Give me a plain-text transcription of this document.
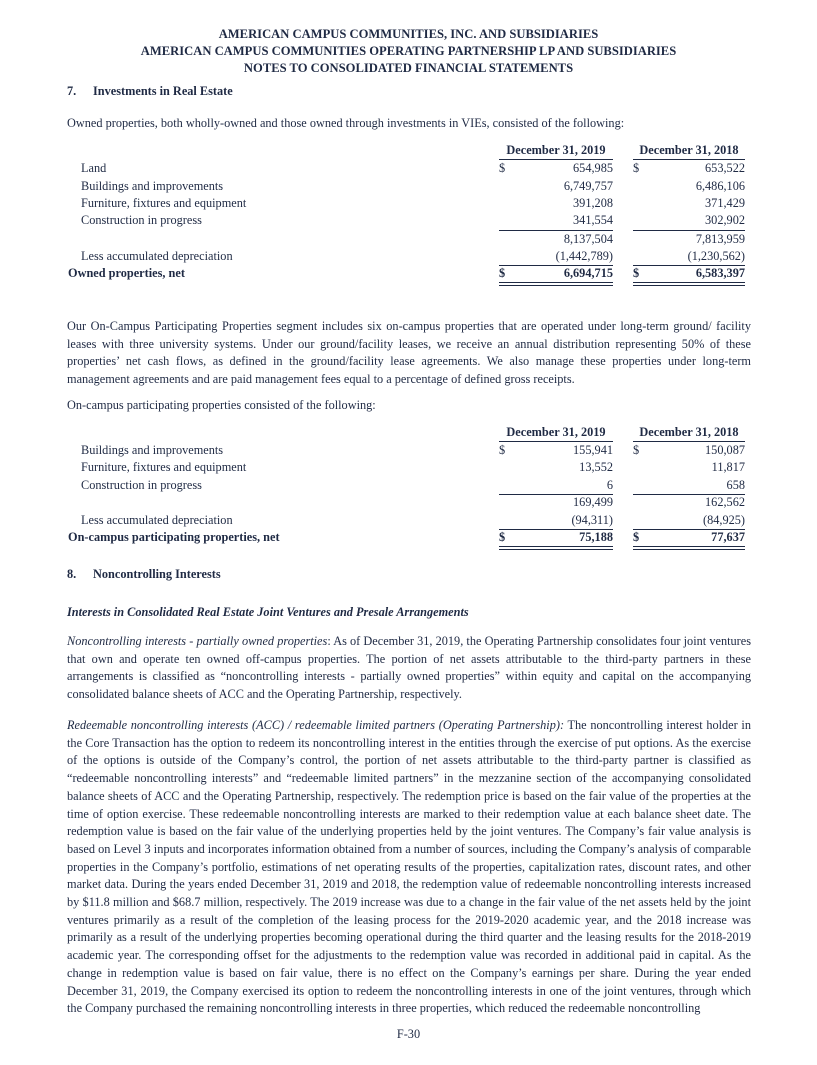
AMERICAN CAMPUS COMMUNITIES, INC. AND SUBSIDIARIES
AMERICAN CAMPUS COMMUNITIES OPERATING PARTNERSHIP LP AND SUBSIDIARIES
NOTES TO CONSOLIDATED FINANCIAL STATEMENTS
7. Investments in Real Estate

Owned properties, both wholly-owned and those owned through investments in VIEs, consisted of the following:

December 31, 2019	December 31, 2018
Land	$	654,985 $	653,522
Buildings and improvements	6,749,757	6,486,106
Furniture, fixtures and equipment	391,208	371,429
Construction in progress	341,554	302,902
8,137,504	7,813,959
Less accumulated depreciation	(1,442,789)	(1,230,562)
Owned properties, net	$	6,694,715 $	6,583,397

Our On-Campus Participating Properties segment includes six on-campus properties that are operated under long-term ground/ facility leases with three university systems. Under our ground/facility leases, we receive an annual distribution representing 50% of these properties’ net cash flows, as defined in the ground/facility lease agreements. We also manage these properties under long-term management agreements and are paid management fees equal to a percentage of defined gross receipts.

On-campus participating properties consisted of the following:

December 31, 2019	December 31, 2018
Buildings and improvements	$	155,941 $	150,087
Furniture, fixtures and equipment	13,552	11,817
Construction in progress	6	658
169,499	162,562
Less accumulated depreciation	(94,311)	(84,925)
On-campus participating properties, net	$	75,188 $	77,637
8. Noncontrolling Interests
Interests in Consolidated Real Estate Joint Ventures and Presale Arrangements

Noncontrolling interests - partially owned properties: As of December 31, 2019, the Operating Partnership consolidates four joint ventures that own and operate ten owned off-campus properties. The portion of net assets attributable to the third-party partners in these arrangements is classified as “noncontrolling interests - partially owned properties” within equity and capital on the accompanying consolidated balance sheets of ACC and the Operating Partnership, respectively.

Redeemable noncontrolling interests (ACC) / redeemable limited partners (Operating Partnership): The noncontrolling interest holder in the Core Transaction has the option to redeem its noncontrolling interest in the entities through the exercise of put options. As the exercise of the options is outside of the Company’s control, the portion of net assets attributable to the third-party partner is classified as “redeemable noncontrolling interests” and “redeemable limited partners” in the mezzanine section of the accompanying consolidated balance sheets of ACC and the Operating Partnership, respectively. The redemption price is based on the fair value of the properties at the time of option exercise. These redeemable noncontrolling interests are marked to their redemption value at each balance sheet date. The redemption value is based on the fair value of the underlying properties held by the joint ventures. The Company’s fair value analysis is based on Level 3 inputs and incorporates information obtained from a number of sources, including the Company’s analysis of comparable properties in the Company’s portfolio, estimations of net operating results of the properties, capitalization rates, discount rates, and other market data. During the years ended December 31, 2019 and 2018, the redemption value of redeemable noncontrolling interests increased by $11.8 million and $68.7 million, respectively. The 2019 increase was due to a change in the fair value of the net assets held by the joint ventures primarily as a result of the completion of the leasing process for the 2019-2020 academic year, and the 2018 increase was primarily as a result of the underlying properties becoming operational during the third quarter and the leasing results for the 2018-2019 academic year. The corresponding offset for the adjustments to the redemption value was recorded in additional paid in capital. As the change in redemption value is based on fair value, there is no effect on the Company’s earnings per share. During the year ended December 31, 2019, the Company exercised its option to redeem the noncontrolling interests in one of the joint ventures, through which the Company purchased the remaining noncontrolling interests in three properties, which reduced the redeemable noncontrolling

F-30
